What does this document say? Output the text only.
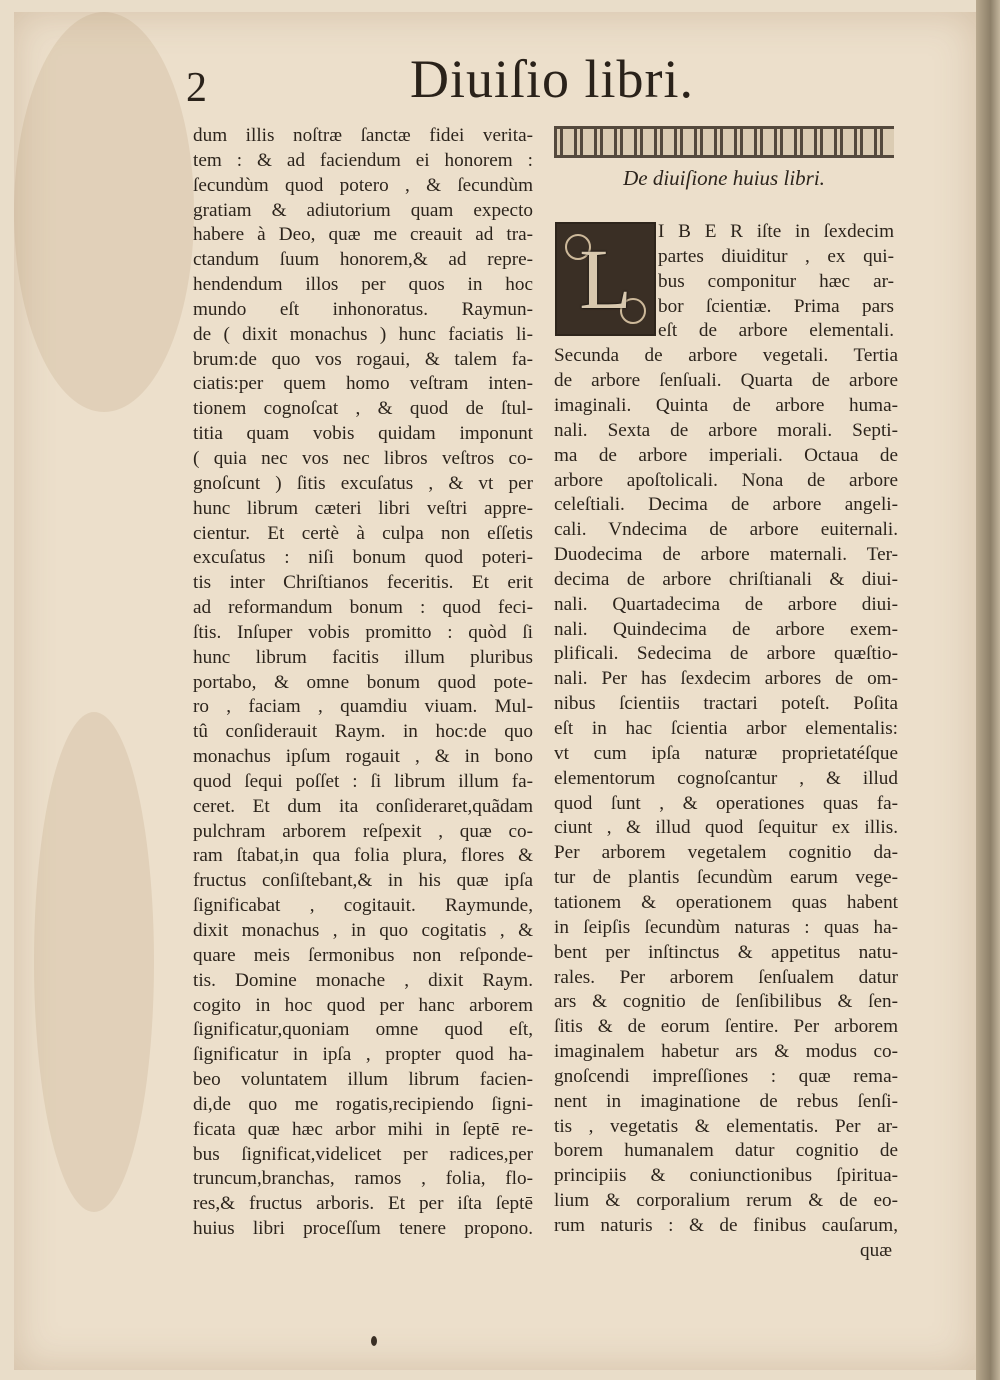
2	Diuiſio libri.
dum illis noſtræ ſanctæ fidei verita-
tem : & ad faciendum ei honorem :
ſecundùm quod potero , & ſecundùm
gratiam & adiutorium quam expecto
habere à Deo, quæ me creauit ad tra-
ctandum ſuum honorem,& ad repre-
hendendum illos per quos in hoc
mundo eſt inhonoratus. Raymun-
de ( dixit monachus ) hunc faciatis li-
brum:de quo vos rogaui, & talem fa-
ciatis:per quem homo veſtram inten-
tionem cognoſcat , & quod de ſtul-
titia quam vobis quidam imponunt
( quia nec vos nec libros veſtros co-
gnoſcunt ) ſitis excuſatus , & vt per
hunc librum cæteri libri veſtri appre-
cientur. Et certè à culpa non eſſetis
excuſatus : niſi bonum quod poteri-
tis inter Chriſtianos feceritis. Et erit
ad reformandum bonum : quod feci-
ſtis. Inſuper vobis promitto : quòd ſi
hunc librum facitis illum pluribus
portabo, & omne bonum quod pote-
ro , faciam , quamdiu viuam. Mul-
tû conſiderauit Raym. in hoc:de quo
monachus ipſum rogauit , & in bono
quod ſequi poſſet : ſi librum illum fa-
ceret. Et dum ita conſideraret,quãdam
pulchram arborem reſpexit , quæ co-
ram ſtabat,in qua folia plura, flores &
fructus conſiſtebant,& in his quæ ipſa
ſignificabat , cogitauit. Raymunde,
dixit monachus , in quo cogitatis , &
quare meis ſermonibus non reſponde-
tis. Domine monache , dixit Raym.
cogito in hoc quod per hanc arborem
ſignificatur,quoniam omne quod eſt,
ſignificatur in ipſa , propter quod ha-
beo voluntatem illum librum facien-
di,de quo me rogatis,recipiendo ſigni-
ficata quæ hæc arbor mihi in ſeptē re-
bus ſignificat,videlicet per radices,per
truncum,branchas, ramos , folia, flo-
res,& fructus arboris. Et per iſta ſeptē
huius libri proceſſum tenere propono.
De diuiſione huius libri.
L	I B E R iſte in ſexdecim
partes diuiditur , ex qui-
bus componitur hæc ar-
bor ſcientiæ. Prima pars
eſt de arbore elementali.
Secunda de arbore vegetali. Tertia
de arbore ſenſuali. Quarta de arbore
imaginali. Quinta de arbore huma-
nali. Sexta de arbore morali. Septi-
ma de arbore imperiali. Octaua de
arbore apoſtolicali. Nona de arbore
celeſtiali. Decima de arbore angeli-
cali. Vndecima de arbore euiternali.
Duodecima de arbore maternali. Ter-
decima de arbore chriſtianali & diui-
nali. Quartadecima de arbore diui-
nali. Quindecima de arbore exem-
plificali. Sedecima de arbore quæſtio-
nali. Per has ſexdecim arbores de om-
nibus ſcientiis tractari poteſt. Poſita
eſt in hac ſcientia arbor elementalis:
vt cum ipſa naturæ proprietatéſque
elementorum cognoſcantur , & illud
quod ſunt , & operationes quas fa-
ciunt , & illud quod ſequitur ex illis.
Per arborem vegetalem cognitio da-
tur de plantis ſecundùm earum vege-
tationem & operationem quas habent
in ſeipſis ſecundùm naturas : quas ha-
bent per inſtinctus & appetitus natu-
rales. Per arborem ſenſualem datur
ars & cognitio de ſenſibilibus & ſen-
ſitis & de eorum ſentire. Per arborem
imaginalem habetur ars & modus co-
gnoſcendi impreſſiones : quæ rema-
nent in imaginatione de rebus ſenſi-
tis , vegetatis & elementatis. Per ar-
borem humanalem datur cognitio de
principiis & coniunctionibus ſpiritua-
lium & corporalium rerum & de eo-
rum naturis : & de finibus cauſarum,
quæ
